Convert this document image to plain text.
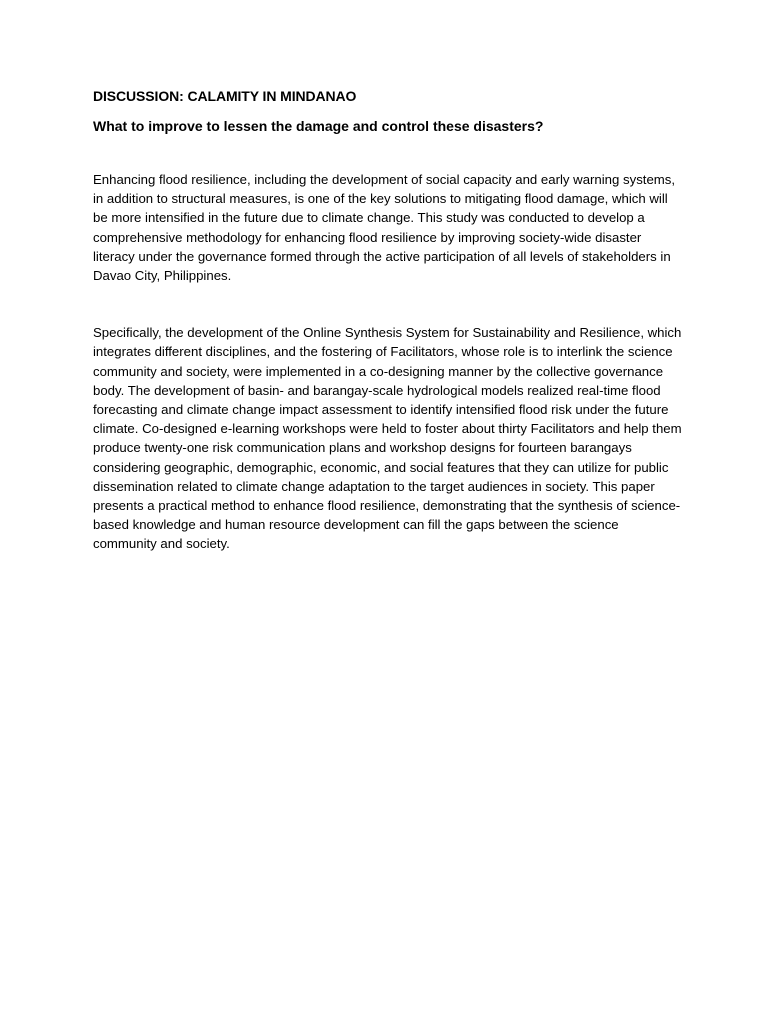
DISCUSSION: CALAMITY IN MINDANAO
What to improve to lessen the damage and control these disasters?

Enhancing flood resilience, including the development of social capacity and early warning systems, in addition to structural measures, is one of the key solutions to mitigating flood damage, which will be more intensified in the future due to climate change. This study was conducted to develop a comprehensive methodology for enhancing flood resilience by improving society-wide disaster literacy under the governance formed through the active participation of all levels of stakeholders in Davao City, Philippines.

Specifically, the development of the Online Synthesis System for Sustainability and Resilience, which integrates different disciplines, and the fostering of Facilitators, whose role is to interlink the science community and society, were implemented in a co-designing manner by the collective governance body. The development of basin- and barangay-scale hydrological models realized real-time flood forecasting and climate change impact assessment to identify intensified flood risk under the future climate. Co-designed e-learning workshops were held to foster about thirty Facilitators and help them produce twenty-one risk communication plans and workshop designs for fourteen barangays considering geographic, demographic, economic, and social features that they can utilize for public dissemination related to climate change adaptation to the target audiences in society. This paper presents a practical method to enhance flood resilience, demonstrating that the synthesis of science-based knowledge and human resource development can fill the gaps between the science community and society.
